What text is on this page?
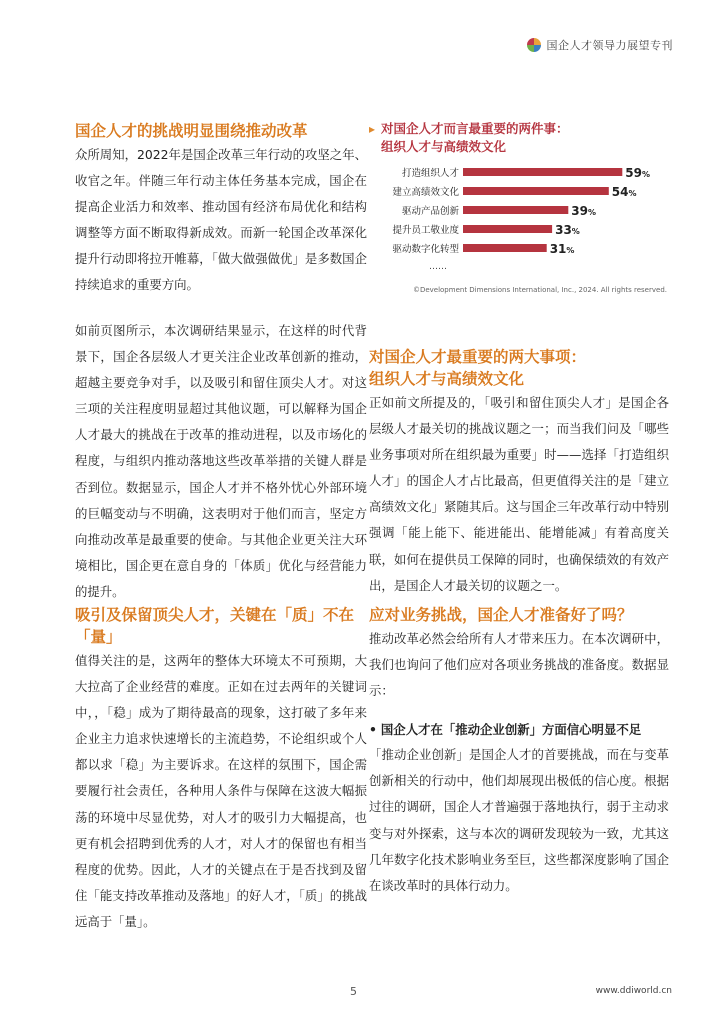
国企人才领导力展望专刊
国企人才的挑战明显围绕推动改革

众所周知，2022年是国企改革三年行动的攻坚之年、收官之年。伴随三年行动主体任务基本完成，国企在提高企业活力和效率、推动国有经济布局优化和结构调整等方面不断取得新成效。而新一轮国企改革深化提升行动即将拉开帷幕，「做大做强做优」是多数国企持续追求的重要方向。

如前页图所示，本次调研结果显示，在这样的时代背景下，国企各层级人才更关注企业改革创新的推动，超越主要竞争对手，以及吸引和留住顶尖人才。对这三项的关注程度明显超过其他议题，可以解释为国企人才最大的挑战在于改革的推动进程，以及市场化的程度，与组织内推动落地这些改革举措的关键人群是否到位。数据显示，国企人才并不格外忧心外部环境的巨幅变动与不明确，这表明对于他们而言，坚定方向推动改革是最重要的使命。与其他企业更关注大环境相比，国企更在意自身的「体质」优化与经营能力的提升。

吸引及保留顶尖人才，关键在「质」不在「量」

值得关注的是，这两年的整体大环境太不可预期，大大拉高了企业经营的难度。正如在过去两年的关键词中，，「稳」成为了期待最高的现象，这打破了多年来企业主力追求快速增长的主流趋势，不论组织或个人都以求「稳」为主要诉求。在这样的氛围下，国企需要履行社会责任，各种用人条件与保障在这波大幅振荡的环境中尽显优势，对人才的吸引力大幅提高，也更有机会招聘到优秀的人才，对人才的保留也有相当程度的优势。因此，人才的关键点在于是否找到及留住「能支持改革推动及落地」的好人才，「质」的挑战远高于「量」。

▸ 对国企人才而言最重要的两件事：
组织人才与高绩效文化
打造组织人才	59%
建立高绩效文化	54%
驱动产品创新	39%
提升员工敬业度	33%
驱动数字化转型	31%
……
©Development Dimensions International, Inc., 2024. All rights reserved.
对国企人才最重要的两大事项：
组织人才与高绩效文化

正如前文所提及的，「吸引和留住顶尖人才」是国企各层级人才最关切的挑战议题之一；而当我们问及「哪些业务事项对所在组织最为重要」时——选择「打造组织人才」的国企人才占比最高，但更值得关注的是「建立高绩效文化」紧随其后。这与国企三年改革行动中特别强调「能上能下、能进能出、能增能减」有着高度关联，如何在提供员工保障的同时，也确保绩效的有效产出，是国企人才最关切的议题之一。

应对业务挑战，国企人才准备好了吗？

推动改革必然会给所有人才带来压力。在本次调研中，我们也询问了他们应对各项业务挑战的准备度。数据显示：

• 国企人才在「推动企业创新」方面信心明显不足

「推动企业创新」是国企人才的首要挑战，而在与变革创新相关的行动中，他们却展现出极低的信心度。根据过往的调研，国企人才普遍强于落地执行，弱于主动求变与对外探索，这与本次的调研发现较为一致，尤其这几年数字化技术影响业务至巨，这些都深度影响了国企在谈改革时的具体行动力。

5	www.ddiworld.cn
